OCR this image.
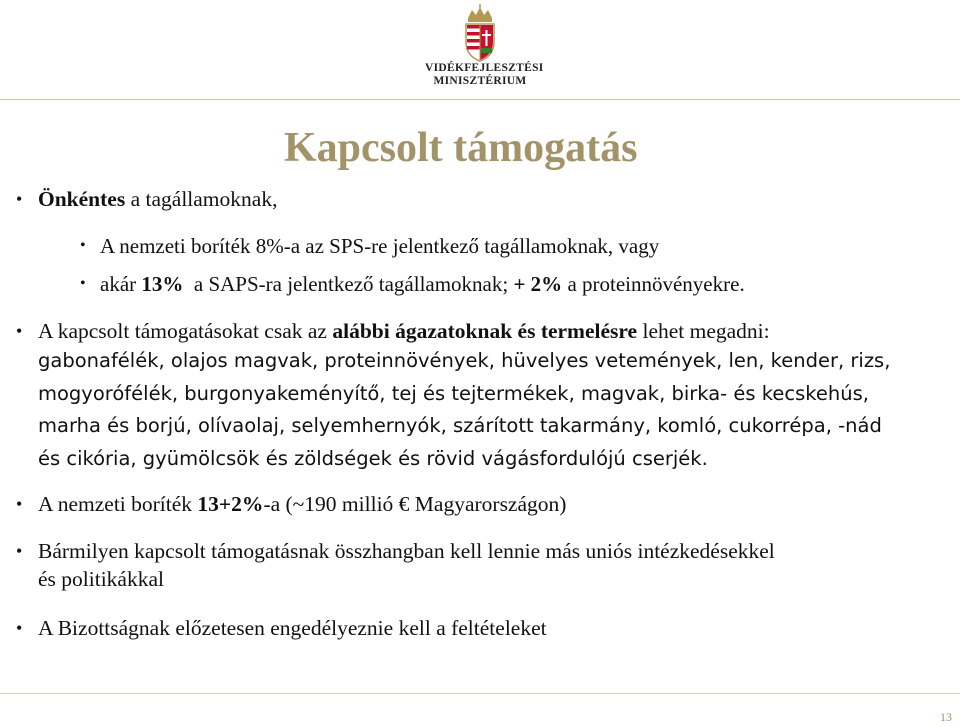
VIDÉKFEJLESZTÉSI
MINISZTÉRIUM
Kapcsolt támogatás
• Önkéntes a tagállamoknak,
• A nemzeti boríték 8%-a az SPS-re jelentkező tagállamoknak, vagy
• akár 13%  a SAPS-ra jelentkező tagállamoknak; + 2% a proteinnövényekre.
• A kapcsolt támogatásokat csak az alábbi ágazatoknak és termelésre lehet megadni:
gabonafélék, olajos magvak, proteinnövények, hüvelyes vetemények, len, kender, rizs,
mogyorófélék, burgonyakeményítő, tej és tejtermékek, magvak, birka- és kecskehús,
marha és borjú, olívaolaj, selyemhernyók, szárított takarmány, komló, cukorrépa, -nád
és cikória, gyümölcsök és zöldségek és rövid vágásfordulójú cserjék.
• A nemzeti boríték 13+2%-a (~190 millió € Magyarországon)
• Bármilyen kapcsolt támogatásnak összhangban kell lennie más uniós intézkedésekkel
és politikákkal
• A Bizottságnak előzetesen engedélyeznie kell a feltételeket
13
